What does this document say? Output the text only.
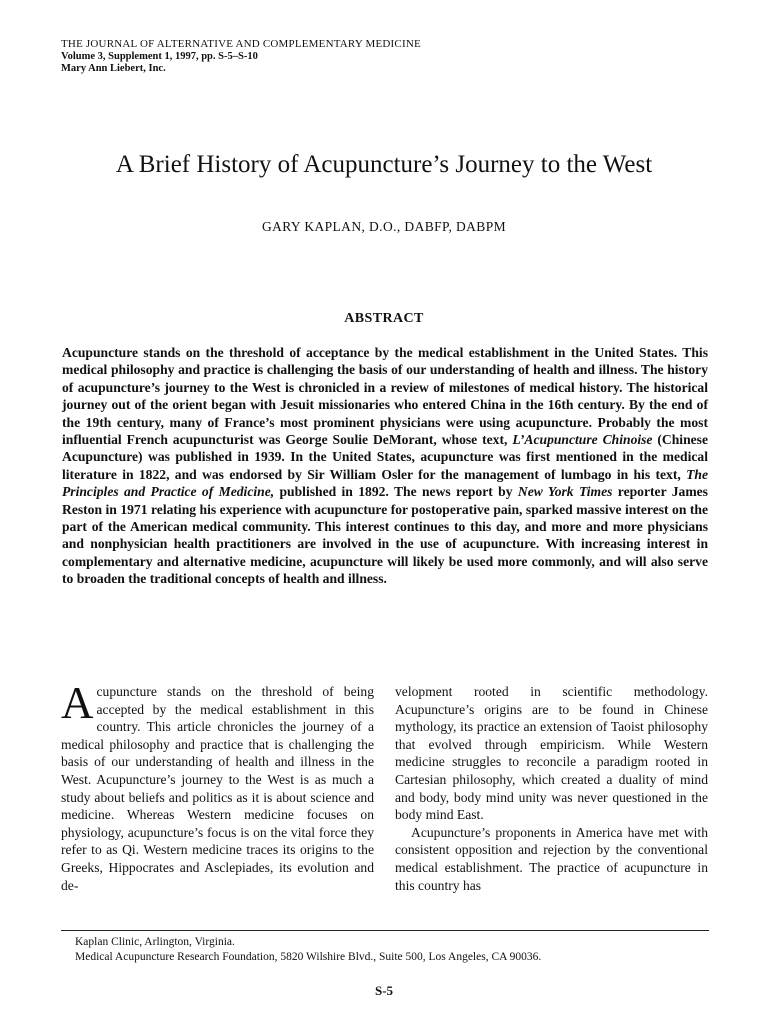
THE JOURNAL OF ALTERNATIVE AND COMPLEMENTARY MEDICINE
Volume 3, Supplement 1, 1997, pp. S-5–S-10
Mary Ann Liebert, Inc.
A Brief History of Acupuncture’s Journey to the West
GARY KAPLAN, D.O., DABFP, DABPM
ABSTRACT
Acupuncture stands on the threshold of acceptance by the medical establishment in the United States. This medical philosophy and practice is challenging the basis of our understanding of health and illness. The history of acupuncture’s journey to the West is chronicled in a review of milestones of medical history. The historical journey out of the orient began with Jesuit missionaries who entered China in the 16th century. By the end of the 19th century, many of France’s most prominent physicians were using acupuncture. Probably the most influential French acupuncturist was George Soulie DeMorant, whose text, L’Acupuncture Chinoise (Chinese Acupuncture) was published in 1939. In the United States, acupuncture was first mentioned in the medical literature in 1822, and was endorsed by Sir William Osler for the management of lumbago in his text, The Principles and Practice of Medicine, published in 1892. The news report by New York Times reporter James Reston in 1971 relating his experience with acupuncture for postoperative pain, sparked massive interest on the part of the American medical community. This interest continues to this day, and more and more physicians and nonphysician health practitioners are involved in the use of acupuncture. With increasing interest in complementary and alternative medicine, acupuncture will likely be used more commonly, and will also serve to broaden the traditional concepts of health and illness.

Acupuncture stands on the threshold of being accepted by the medical establishment in this country. This article chronicles the journey of a medical philosophy and practice that is challenging the basis of our understanding of health and illness in the West. Acupuncture’s journey to the West is as much a study about beliefs and politics as it is about science and medicine. Whereas Western medicine focuses on physiology, acupuncture’s focus is on the vital force they refer to as Qi. Western medicine traces its origins to the Greeks, Hippocrates and Asclepiades, its evolution and de-

velopment rooted in scientific methodology. Acupuncture’s origins are to be found in Chinese mythology, its practice an extension of Taoist philosophy that evolved through empiricism. While Western medicine struggles to reconcile a paradigm rooted in Cartesian philosophy, which created a duality of mind and body, body mind unity was never questioned in the body mind East.

Acupuncture’s proponents in America have met with consistent opposition and rejection by the conventional medical establishment. The practice of acupuncture in this country has

Kaplan Clinic, Arlington, Virginia.
Medical Acupuncture Research Foundation, 5820 Wilshire Blvd., Suite 500, Los Angeles, CA 90036.
S-5
